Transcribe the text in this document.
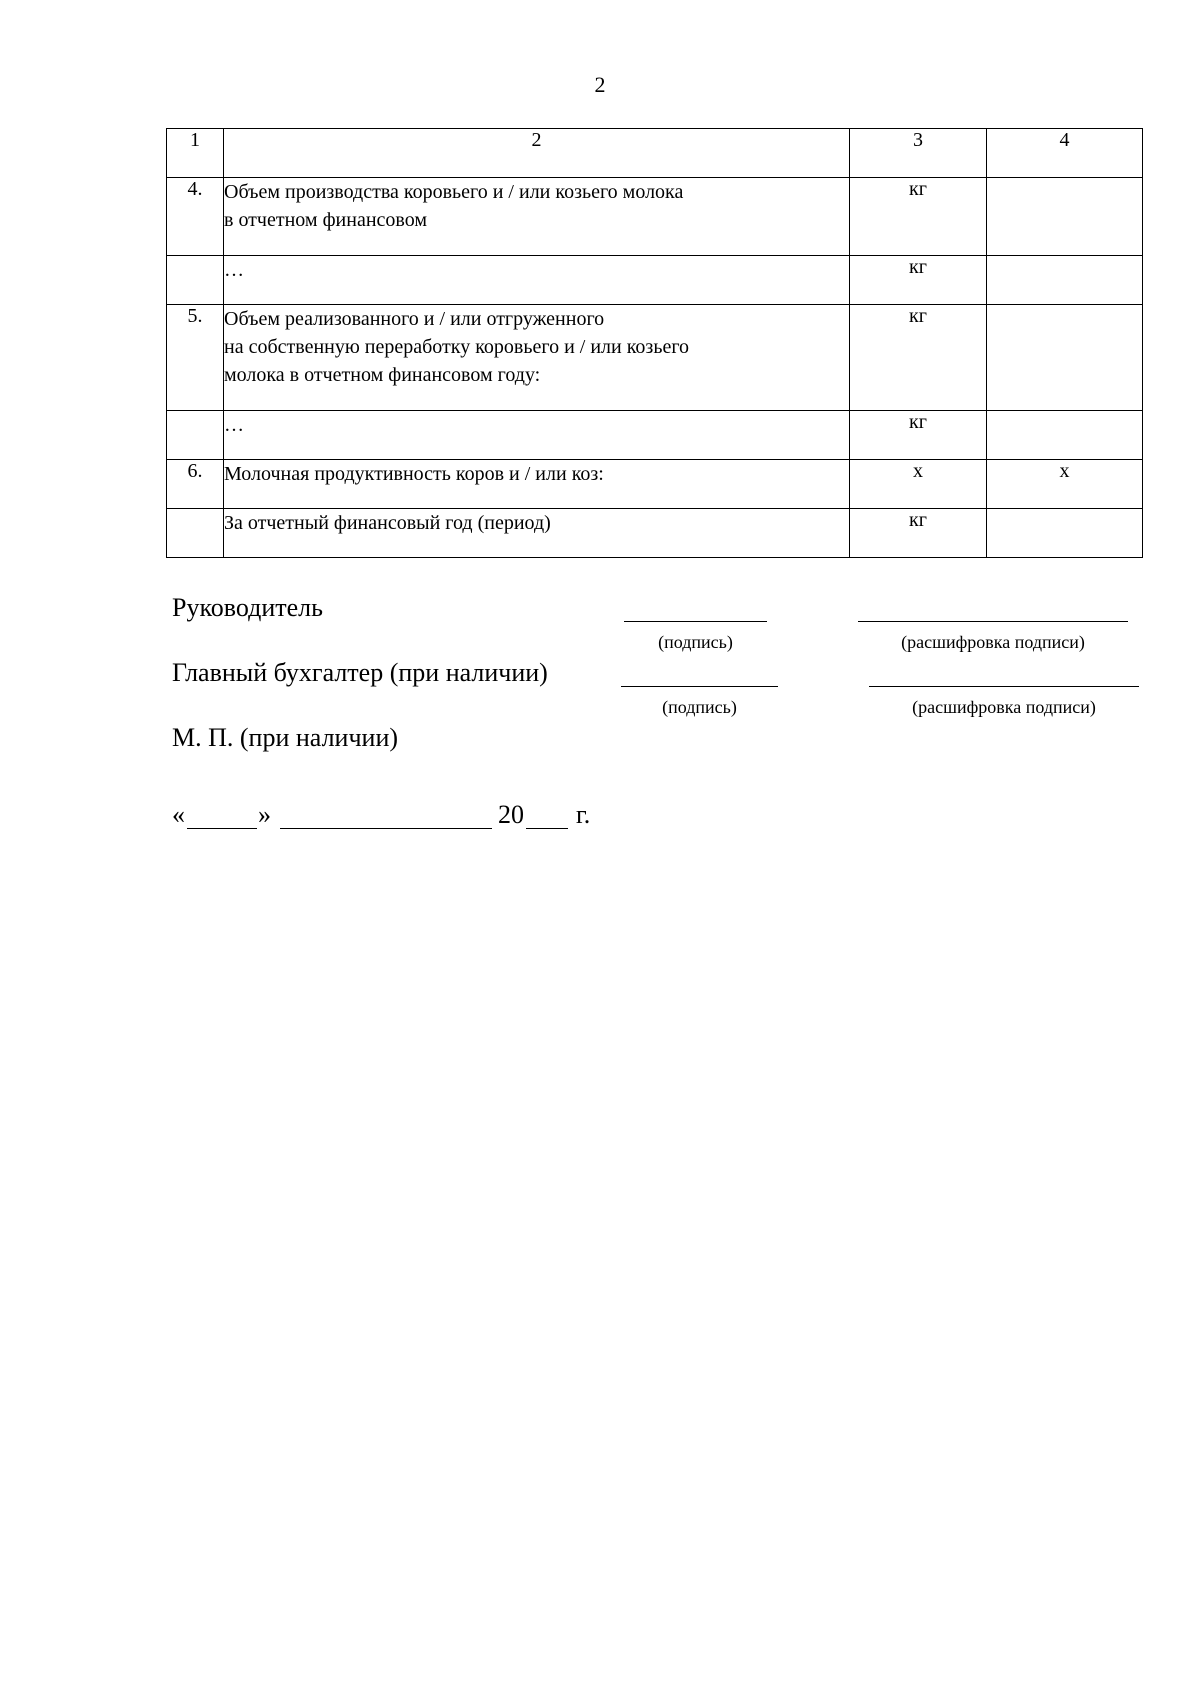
2
1	2	3	4
4.	Объем производства коровьего и / или козьего молока
в отчетном финансовом	кг	

	…	кг	
5.	Объем реализованного и / или отгруженного
на собственную переработку коровьего и / или козьего
молока в отчетном финансовом году:	кг	

	…	кг	
6.	Молочная продуктивность коров и / или коз:	х	х

	За отчетный финансовый год (период)	кг	
Руководитель
(подпись)	(расшифровка подписи)
Главный бухгалтер (при наличии)
(подпись)	(расшифровка подписи)
М. П. (при наличии)
«	»	20 г.
